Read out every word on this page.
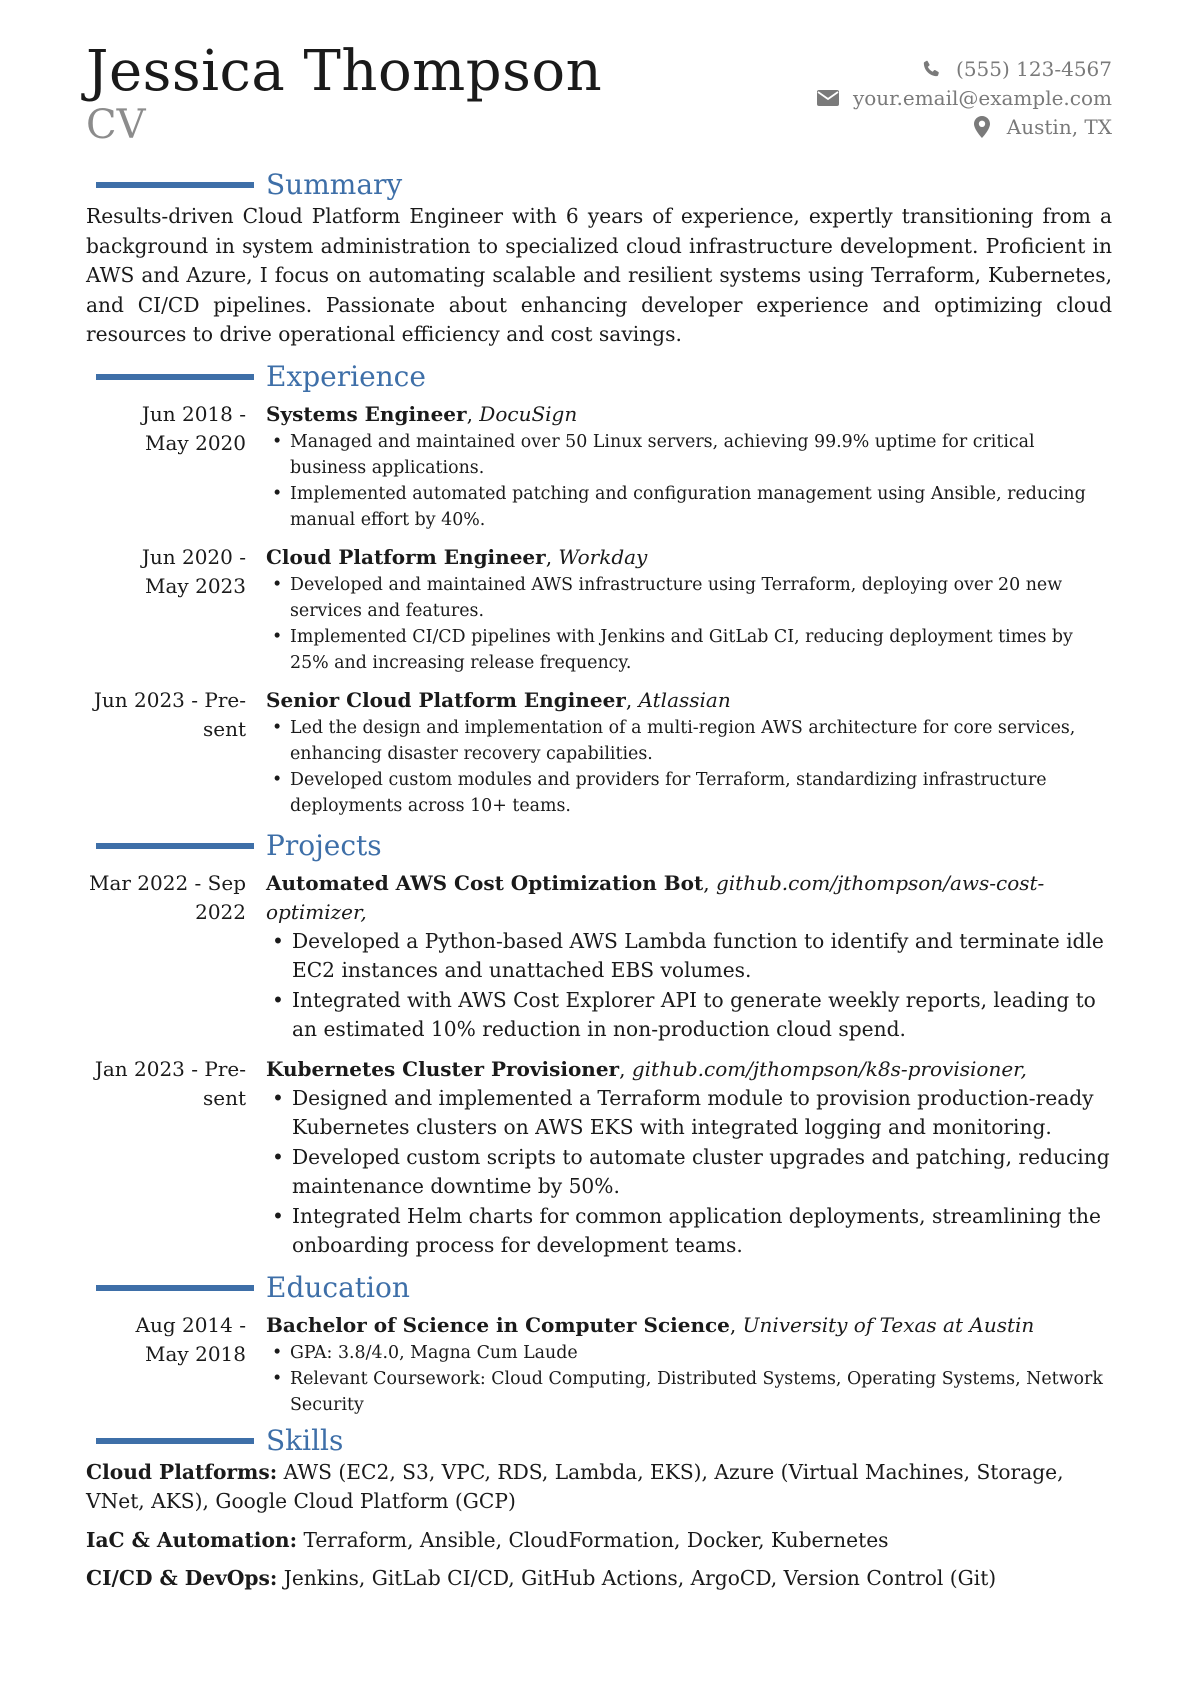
Jessica Thompson
CV
(555) 123-4567
your.email@example.com
Austin, TX
Summary

Results-driven Cloud Platform Engineer with 6 years of experience, expertly transitioning from a background in system administration to specialized cloud infrastructure development. Proficient in AWS and Azure, I focus on automating scalable and resilient systems using Terraform, Kubernetes, and CI/CD pipelines. Passionate about enhancing developer experience and optimizing cloud resources to drive operational efficiency and cost savings.

Experience
Jun 2018 -
May 2020
Systems Engineer, DocuSign
• Managed and maintained over 50 Linux servers, achieving 99.9% uptime for critical business applications.
• Implemented automated patching and configuration management using Ansible, reducing manual effort by 40%.
Jun 2020 -
May 2023
Cloud Platform Engineer, Workday
• Developed and maintained AWS infrastructure using Terraform, deploying over 20 new services and features.
• Implemented CI/CD pipelines with Jenkins and GitLab CI, reducing deployment times by 25% and increasing release frequency.
Jun 2023 - Pre-
sent
Senior Cloud Platform Engineer, Atlassian
• Led the design and implementation of a multi-region AWS architecture for core services, enhancing disaster recovery capabilities.
• Developed custom modules and providers for Terraform, standardizing infrastructure deployments across 10+ teams.
Projects
Mar 2022 - Sep
2022
Automated AWS Cost Optimization Bot, github.com/jthompson/aws-cost-optimizer,
• Developed a Python-based AWS Lambda function to identify and terminate idle EC2 instances and unattached EBS volumes.
• Integrated with AWS Cost Explorer API to generate weekly reports, leading to an estimated 10% reduction in non-production cloud spend.
Jan 2023 - Pre-
sent
Kubernetes Cluster Provisioner, github.com/jthompson/k8s-provisioner,
• Designed and implemented a Terraform module to provision production-ready Kubernetes clusters on AWS EKS with integrated logging and monitoring.
• Developed custom scripts to automate cluster upgrades and patching, reducing maintenance downtime by 50%.
• Integrated Helm charts for common application deployments, streamlining the onboarding process for development teams.
Education
Aug 2014 -
May 2018
Bachelor of Science in Computer Science, University of Texas at Austin
• GPA: 3.8/4.0, Magna Cum Laude
• Relevant Coursework: Cloud Computing, Distributed Systems, Operating Systems, Network Security
Skills

Cloud Platforms: AWS (EC2, S3, VPC, RDS, Lambda, EKS), Azure (Virtual Machines, Storage, VNet, AKS), Google Cloud Platform (GCP)

IaC & Automation: Terraform, Ansible, CloudFormation, Docker, Kubernetes

CI/CD & DevOps: Jenkins, GitLab CI/CD, GitHub Actions, ArgoCD, Version Control (Git)
